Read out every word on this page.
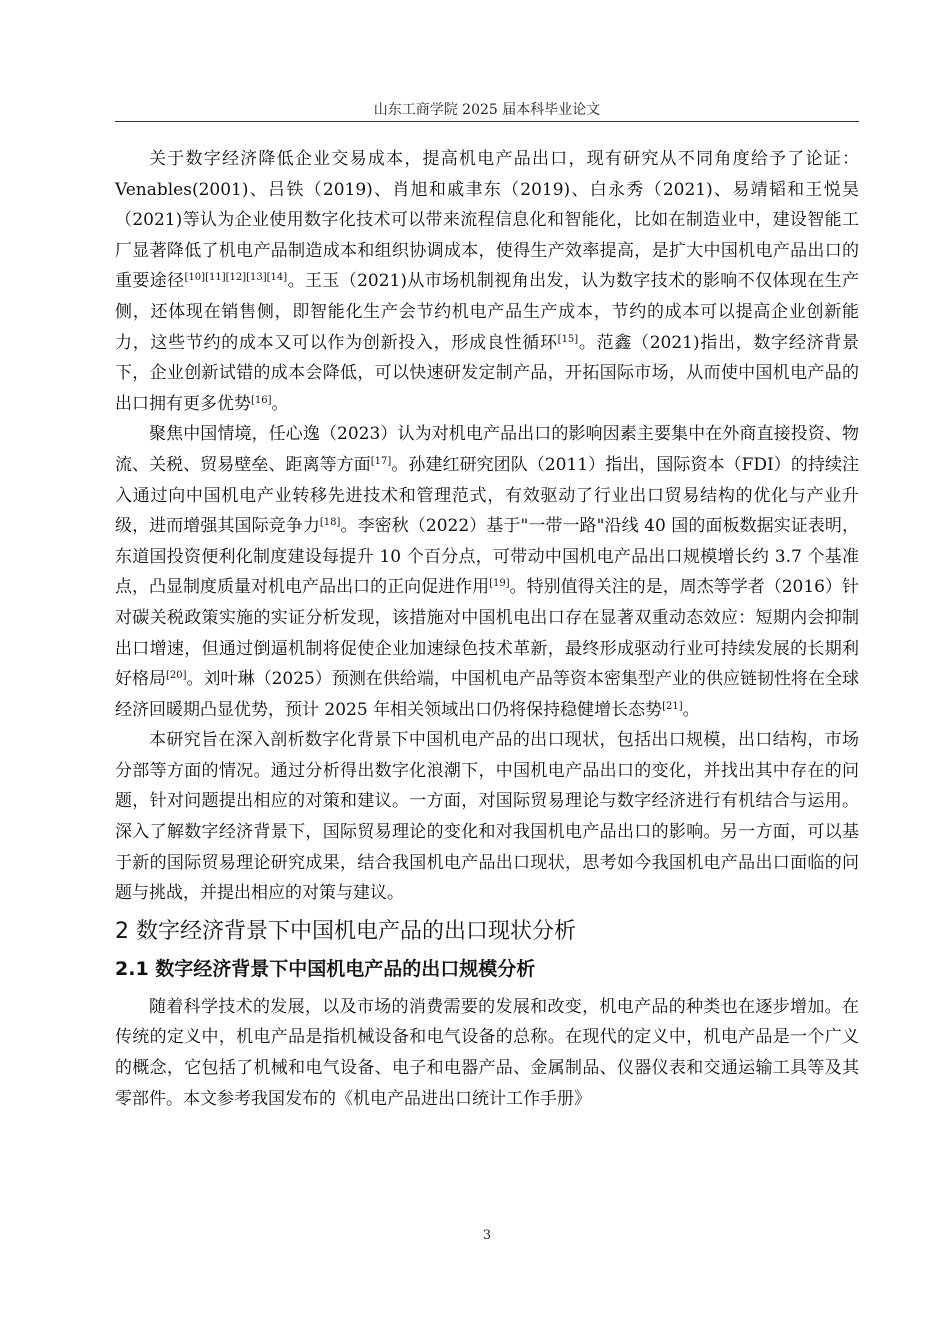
山东工商学院 2025 届本科毕业论文

关于数字经济降低企业交易成本，提高机电产品出口，现有研究从不同角度给予了论证：Venables(2001)、吕铁（2019)、肖旭和戚聿东（2019)、白永秀（2021)、易靖韬和王悦昊（2021)等认为企业使用数字化技术可以带来流程信息化和智能化，比如在制造业中，建设智能工厂显著降低了机电产品制造成本和组织协调成本，使得生产效率提高，是扩大中国机电产品出口的重要途径[10][11][12][13][14]。王玉（2021)从市场机制视角出发，认为数字技术的影响不仅体现在生产侧，还体现在销售侧，即智能化生产会节约机电产品生产成本，节约的成本可以提高企业创新能力，这些节约的成本又可以作为创新投入，形成良性循环[15]。范鑫（2021)指出，数字经济背景下，企业创新试错的成本会降低，可以快速研发定制产品，开拓国际市场，从而使中国机电产品的出口拥有更多优势[16]。

聚焦中国情境，任心逸（2023）认为对机电产品出口的影响因素主要集中在外商直接投资、物流、关税、贸易壁垒、距离等方面[17]。孙建红研究团队（2011）指出，国际资本（FDI）的持续注入通过向中国机电产业转移先进技术和管理范式，有效驱动了行业出口贸易结构的优化与产业升级，进而增强其国际竞争力[18]。李密秋（2022）基于"一带一路"沿线 40 国的面板数据实证表明，东道国投资便利化制度建设每提升 10 个百分点，可带动中国机电产品出口规模增长约 3.7 个基准点，凸显制度质量对机电产品出口的正向促进作用[19]。特别值得关注的是，周杰等学者（2016）针对碳关税政策实施的实证分析发现，该措施对中国机电出口存在显著双重动态效应：短期内会抑制出口增速，但通过倒逼机制将促使企业加速绿色技术革新，最终形成驱动行业可持续发展的长期利好格局[20]。刘叶琳（2025）预测在供给端，中国机电产品等资本密集型产业的供应链韧性将在全球经济回暖期凸显优势，预计 2025 年相关领域出口仍将保持稳健增长态势[21]。

本研究旨在深入剖析数字化背景下中国机电产品的出口现状，包括出口规模，出口结构，市场分部等方面的情况。通过分析得出数字化浪潮下，中国机电产品出口的变化，并找出其中存在的问题，针对问题提出相应的对策和建议。一方面，对国际贸易理论与数字经济进行有机结合与运用。深入了解数字经济背景下，国际贸易理论的变化和对我国机电产品出口的影响。另一方面，可以基于新的国际贸易理论研究成果，结合我国机电产品出口现状，思考如今我国机电产品出口面临的问题与挑战，并提出相应的对策与建议。

2 数字经济背景下中国机电产品的出口现状分析
2.1 数字经济背景下中国机电产品的出口规模分析

随着科学技术的发展，以及市场的消费需要的发展和改变，机电产品的种类也在逐步增加。在传统的定义中，机电产品是指机械设备和电气设备的总称。在现代的定义中，机电产品是一个广义的概念，它包括了机械和电气设备、电子和电器产品、金属制品、仪器仪表和交通运输工具等及其零部件。本文参考我国发布的《机电产品进出口统计工作手册》

3
